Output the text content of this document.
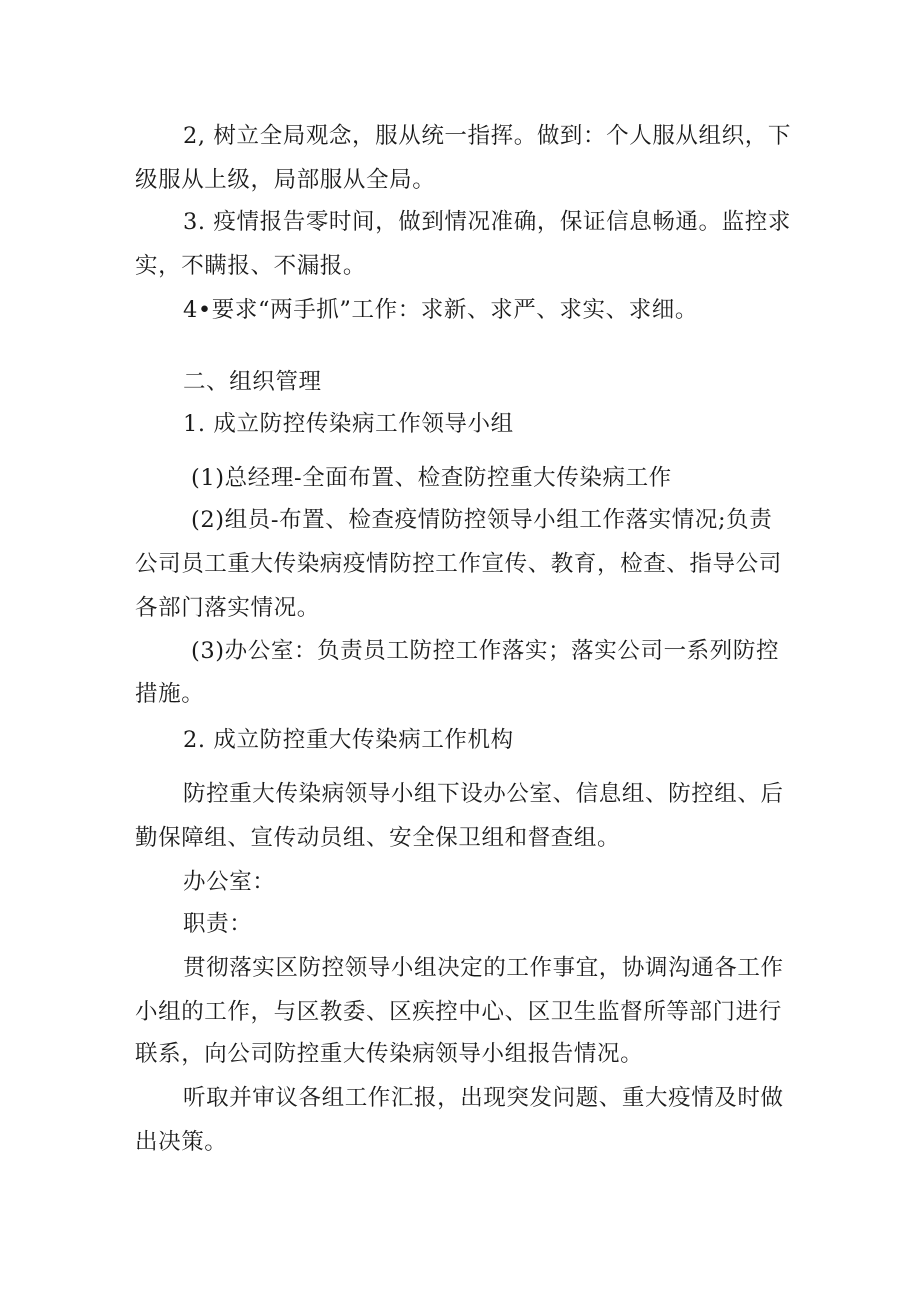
2, 树立全局观念，服从统一指挥。做到：个人服从组织，下
级服从上级，局部服从全局。
3. 疫情报告零时间，做到情况准确，保证信息畅通。监控求
实，不瞒报、不漏报。
4•要求“两手抓”工作：求新、求严、求实、求细。
二、组织管理
1. 成立防控传染病工作领导小组
(1)总经理-全面布置、检查防控重大传染病工作
(2)组员-布置、检查疫情防控领导小组工作落实情况;负责
公司员工重大传染病疫情防控工作宣传、教育，检查、指导公司
各部门落实情况。
(3)办公室：负责员工防控工作落实；落实公司一系列防控
措施。
2. 成立防控重大传染病工作机构
防控重大传染病领导小组下设办公室、信息组、防控组、后
勤保障组、宣传动员组、安全保卫组和督查组。
办公室：
职责：
贯彻落实区防控领导小组决定的工作事宜，协调沟通各工作
小组的工作，与区教委、区疾控中心、区卫生监督所等部门进行
联系，向公司防控重大传染病领导小组报告情况。
听取并审议各组工作汇报，出现突发问题、重大疫情及时做
出决策。
